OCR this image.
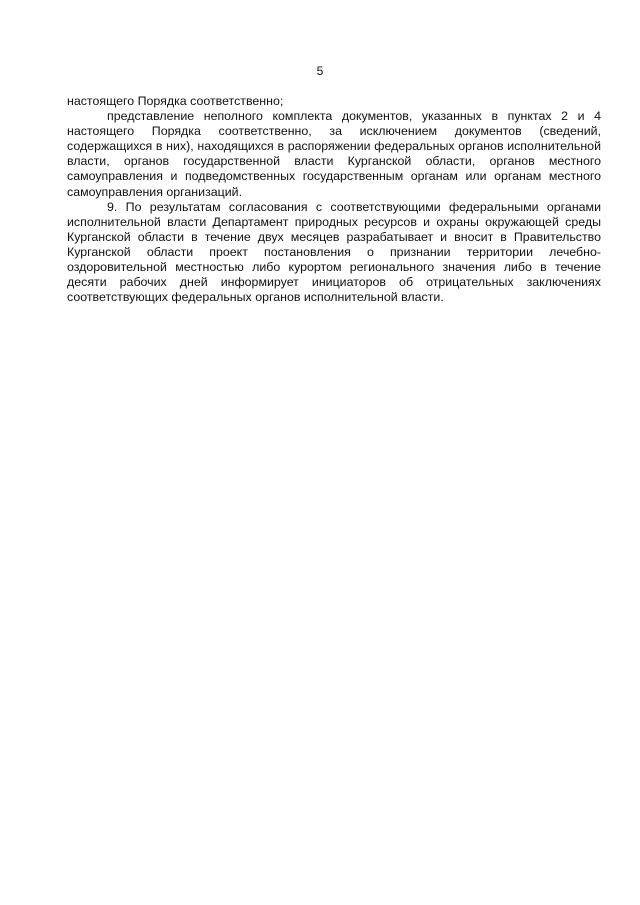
5

настоящего Порядка соответственно;

представление неполного комплекта документов, указанных в пунктах 2 и 4 настоящего Порядка соответственно, за исключением документов (сведений, содержащихся в них), находящихся в распоряжении федеральных органов исполнительной власти, органов государственной власти Курганской области, органов местного самоуправления и подведомственных государственным органам или органам местного самоуправления организаций.

9. По результатам согласования с соответствующими федеральными органами исполнительной власти Департамент природных ресурсов и охраны окружающей среды Курганской области в течение двух месяцев разрабатывает и вносит в Правительство Курганской области проект постановления о признании территории лечебно-оздоровительной местностью либо курортом регионального значения либо в течение десяти рабочих дней информирует инициаторов об отрицательных заключениях соответствующих федеральных органов исполнительной власти.
